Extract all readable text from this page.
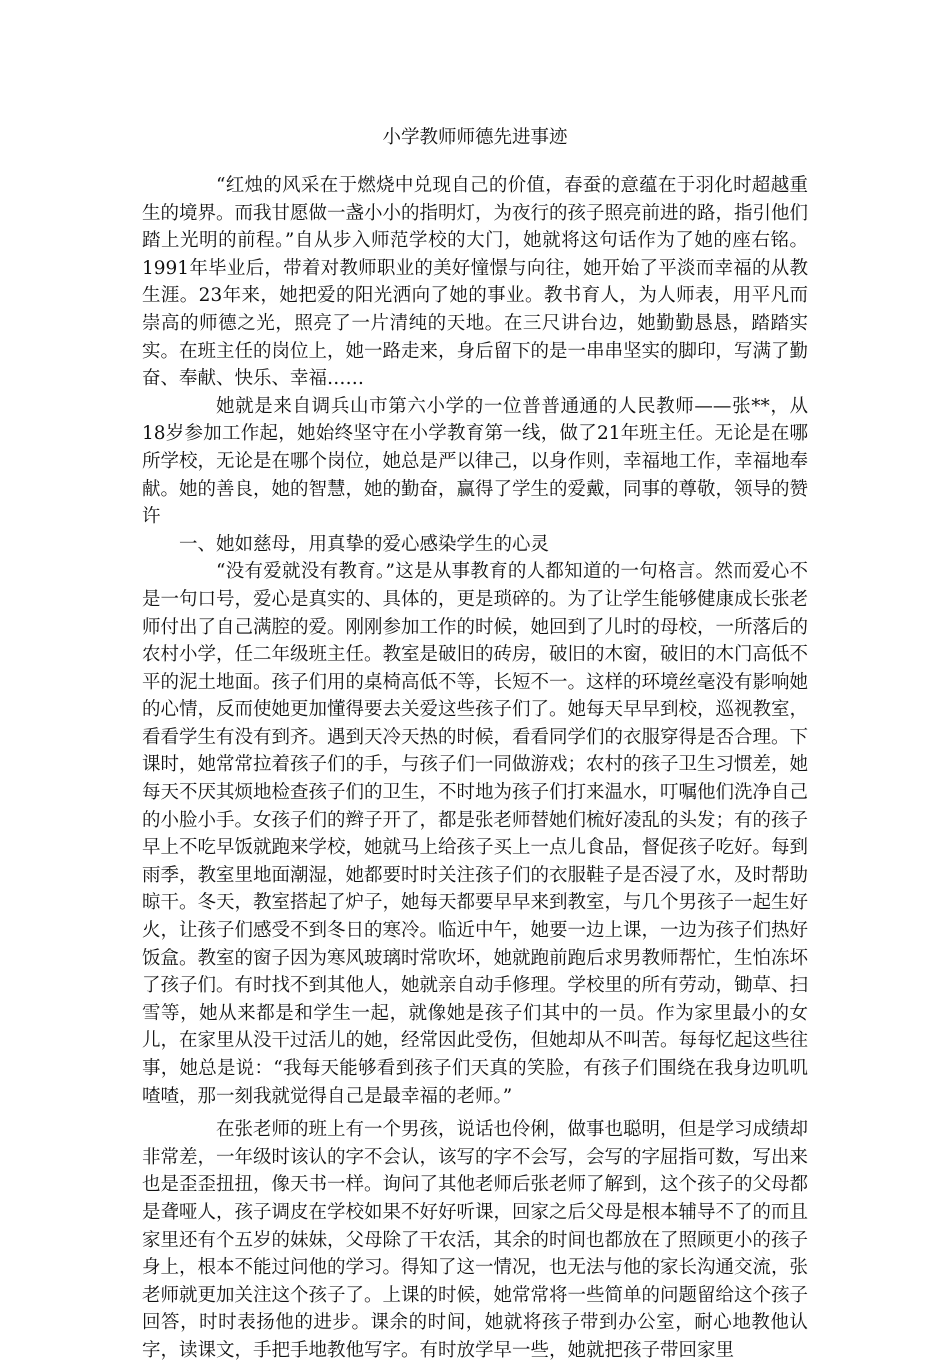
小学教师师德先进事迹

“红烛的风采在于燃烧中兑现自己的价值，春蚕的意蕴在于羽化时超越重生的境界。而我甘愿做一盏小小的指明灯，为夜行的孩子照亮前进的路，指引他们踏上光明的前程。”自从步入师范学校的大门，她就将这句话作为了她的座右铭。1991年毕业后，带着对教师职业的美好憧憬与向往，她开始了平淡而幸福的从教生涯。23年来，她把爱的阳光洒向了她的事业。教书育人，为人师表，用平凡而崇高的师德之光，照亮了一片清纯的天地。在三尺讲台边，她勤勤恳恳，踏踏实实。在班主任的岗位上，她一路走来，身后留下的是一串串坚实的脚印，写满了勤奋、奉献、快乐、幸福……

她就是来自调兵山市第六小学的一位普普通通的人民教师——张**，从18岁参加工作起，她始终坚守在小学教育第一线，做了21年班主任。无论是在哪所学校，无论是在哪个岗位，她总是严以律己，以身作则，幸福地工作，幸福地奉献。她的善良，她的智慧，她的勤奋，赢得了学生的爱戴，同事的尊敬，领导的赞许

一、她如慈母，用真挚的爱心感染学生的心灵

“没有爱就没有教育。”这是从事教育的人都知道的一句格言。然而爱心不是一句口号，爱心是真实的、具体的，更是琐碎的。为了让学生能够健康成长张老师付出了自己满腔的爱。刚刚参加工作的时候，她回到了儿时的母校，一所落后的农村小学，任二年级班主任。教室是破旧的砖房，破旧的木窗，破旧的木门高低不平的泥土地面。孩子们用的桌椅高低不等，长短不一。这样的环境丝毫没有影响她的心情，反而使她更加懂得要去关爱这些孩子们了。她每天早早到校，巡视教室，看看学生有没有到齐。遇到天冷天热的时候，看看同学们的衣服穿得是否合理。下课时，她常常拉着孩子们的手，与孩子们一同做游戏；农村的孩子卫生习惯差，她每天不厌其烦地检查孩子们的卫生，不时地为孩子们打来温水，叮嘱他们洗净自己的小脸小手。女孩子们的辫子开了，都是张老师替她们梳好凌乱的头发；有的孩子早上不吃早饭就跑来学校，她就马上给孩子买上一点儿食品，督促孩子吃好。每到雨季，教室里地面潮湿，她都要时时关注孩子们的衣服鞋子是否浸了水，及时帮助晾干。冬天，教室搭起了炉子，她每天都要早早来到教室，与几个男孩子一起生好火，让孩子们感受不到冬日的寒冷。临近中午，她要一边上课，一边为孩子们热好饭盒。教室的窗子因为寒风玻璃时常吹坏，她就跑前跑后求男教师帮忙，生怕冻坏了孩子们。有时找不到其他人，她就亲自动手修理。学校里的所有劳动，锄草、扫雪等，她从来都是和学生一起，就像她是孩子们其中的一员。作为家里最小的女儿，在家里从没干过活儿的她，经常因此受伤，但她却从不叫苦。每每忆起这些往事，她总是说：“我每天能够看到孩子们天真的笑脸，有孩子们围绕在我身边叽叽喳喳，那一刻我就觉得自己是最幸福的老师。”

在张老师的班上有一个男孩，说话也伶俐，做事也聪明，但是学习成绩却非常差，一年级时该认的字不会认，该写的字不会写，会写的字屈指可数，写出来也是歪歪扭扭，像天书一样。询问了其他老师后张老师了解到，这个孩子的父母都是聋哑人，孩子调皮在学校如果不好好听课，回家之后父母是根本辅导不了的而且家里还有个五岁的妹妹，父母除了干农活，其余的时间也都放在了照顾更小的孩子身上，根本不能过问他的学习。得知了这一情况，也无法与他的家长沟通交流，张老师就更加关注这个孩子了。上课的时候，她常常将一些简单的问题留给这个孩子回答，时时表扬他的进步。课余的时间，她就将孩子带到办公室，耐心地教他认字，读课文，手把手地教他写字。有时放学早一些，她就把孩子带回家里
